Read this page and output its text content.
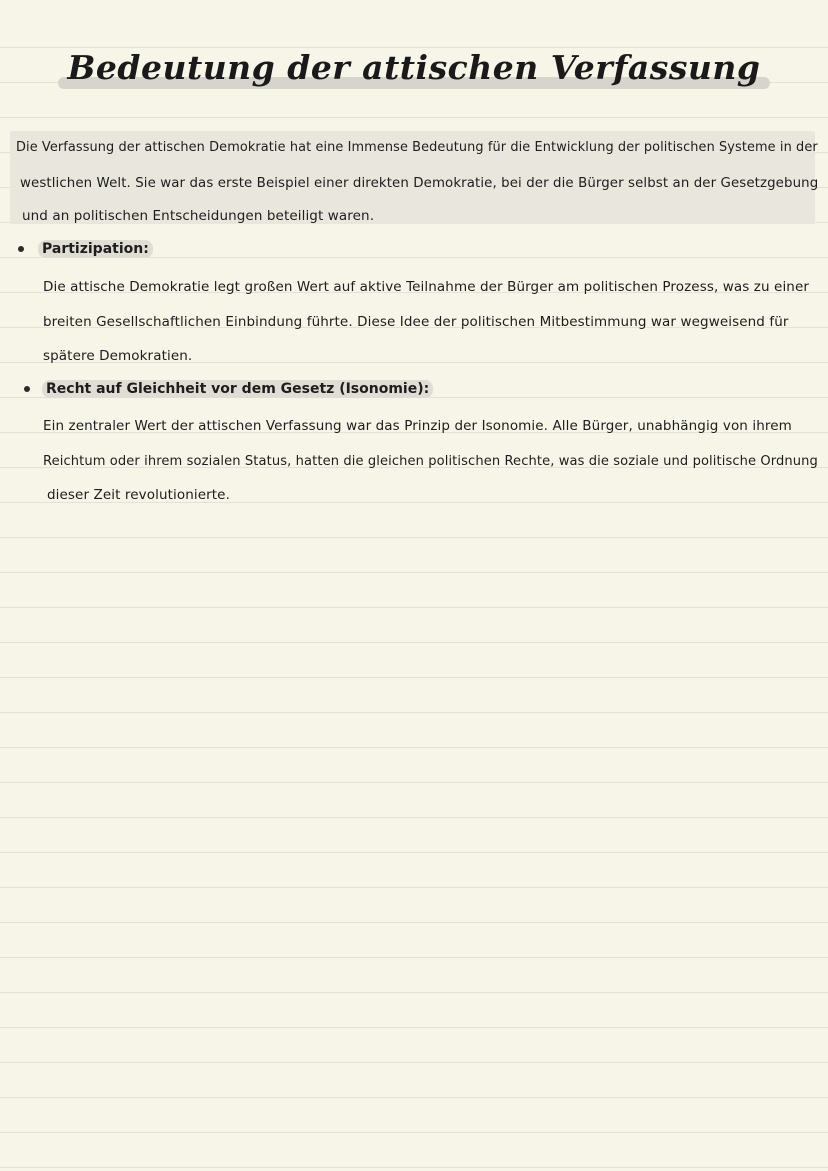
Bedeutung der attischen Verfassung
Die Verfassung der attischen Demokratie hat eine Immense Bedeutung für die Entwicklung der politischen Systeme in der
westlichen Welt. Sie war das erste Beispiel einer direkten Demokratie, bei der die Bürger selbst an der Gesetzgebung
und an politischen Entscheidungen beteiligt waren.
Partizipation:
Die attische Demokratie legt großen Wert auf aktive Teilnahme der Bürger am politischen Prozess, was zu einer
breiten Gesellschaftlichen Einbindung führte. Diese Idee der politischen Mitbestimmung war wegweisend für
spätere Demokratien.
Recht auf Gleichheit vor dem Gesetz (Isonomie):
Ein zentraler Wert der attischen Verfassung war das Prinzip der Isonomie. Alle Bürger, unabhängig von ihrem
Reichtum oder ihrem sozialen Status, hatten die gleichen politischen Rechte, was die soziale und politische Ordnung
dieser Zeit revolutionierte.
